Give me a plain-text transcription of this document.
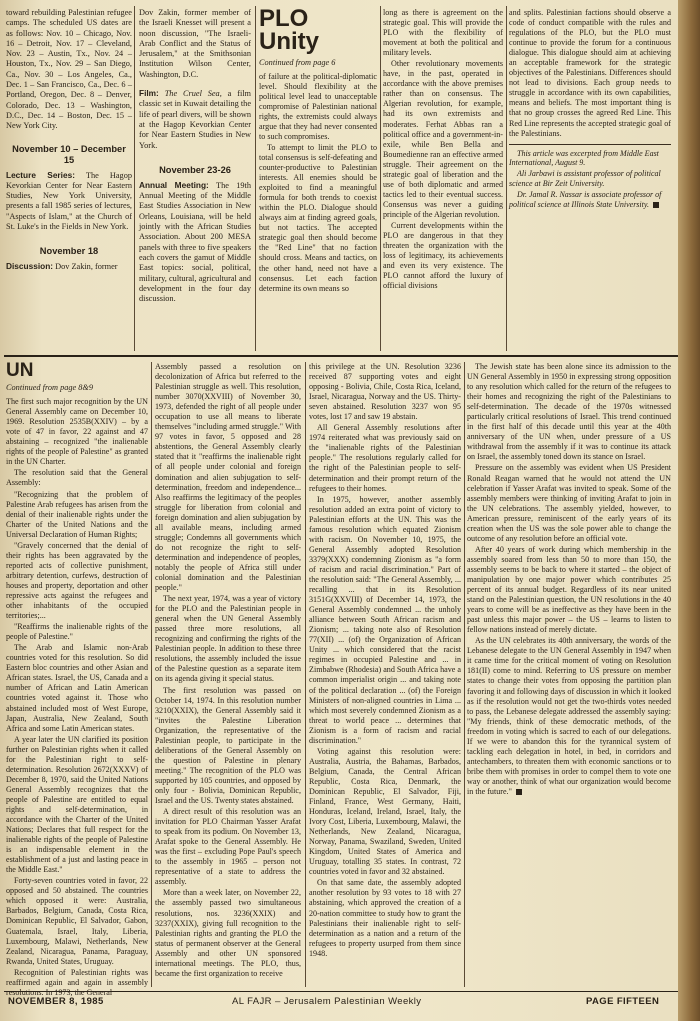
toward rebuilding Palestinian refugee camps. The scheduled US dates are as follows: Nov. 10 – Chicago, Nov. 16 – Detroit, Nov. 17 – Cleveland, Nov. 23 – Austin, Tx., Nov. 24 – Houston, Tx., Nov. 29 – San Diego, Ca., Nov. 30 – Los Angeles, Ca., Dec. 1 – San Francisco, Ca., Dec. 6 – Portland, Oregon, Dec. 8 – Denver, Colorado, Dec. 13 – Washington, D.C., Dec. 14 – Boston, Dec. 15 – New York City.
November 10 – December 15
Lecture Series: The Hagop Kevorkian Center for Near Eastern Studies, New York University, presents a fall 1985 series of lectures, "Aspects of Islam," at the Church of St. Luke's in the Fields in New York.
November 18
Discussion: Dov Zakin, former
Dov Zakin, former member of the Israeli Knesset will present a noon discussion, "The Israeli-Arab Conflict and the Status of Jerusalem," at the Smithsonian Institution Wilson Center, Washington, D.C.
Film: The Cruel Sea, a film classic set in Kuwait detailing the life of pearl divers, will be shown at the Hagop Kevorkian Center for Near Eastern Studies in New York.
November 23-26
Annual Meeting: The 19th Annual Meeting of the Middle East Studies Association in New Orleans, Louisiana, will be held jointly with the African Studies Association. About 200 MESA panels with three to five speakers each covers the gamut of Middle East topics: social, political, military, cultural, agricultural and development in the four day discussion.
PLO Unity

Continued from page 6

of failure at the political-diplomatic level. Should flexibility at the political level lead to unacceptable compromise of Palestinian national rights, the extremists could always argue that they had never consented to such compromises.

To attempt to limit the PLO to total consensus is self-defeating and counter-productive to Palestinian interests. All enemies should be exploited to find a meaningful formula for both trends to coexist within the PLO. Dialogue should always aim at finding agreed goals, but not tactics. The accepted strategic goal then should become the "Red Line" that no faction should cross. Means and tactics, on the other hand, need not have a consensus. Let each faction determine its own means so

long as there is agreement on the strategic goal. This will provide the PLO with the flexibility of movement at both the political and military levels.

Other revolutionary movements have, in the past, operated in accordance with the above premises rather than on consensus. The Algerian revolution, for example, had its own extremists and moderates. Ferhat Abbas ran a political office and a government-in-exile, while Ben Bella and Boumedienne ran an effective armed struggle. Their agreement on the strategic goal of liberation and the use of both diplomatic and armed tactics led to their eventual success. Consensus was never a guiding principle of the Algerian revolution.

Current developments within the PLO are dangerous in that they threaten the organization with the loss of legitimacy, its achievements and even its very existence. The PLO cannot afford the luxury of official divisions

and splits. Palestinian factions should observe a code of conduct compatible with the rules and regulations of the PLO, but the PLO must continue to provide the forum for a continuous dialogue. This dialogue should aim at achieving an acceptable framework for the strategic objectives of the Palestinians. Differences should not lead to divisions. Each group needs to struggle in accordance with its own capabilities, means and beliefs. The most important thing is that no group crosses the agreed Red Line. This Red Line represents the accepted strategic goal of the Palestinians.

This article was excerpted from Middle East International, August 9.

Ali Jarbawi is assistant professor of political science at Bir Zeit University.

Dr. Jamal R. Nassar is associate professor of political science at Illinois State University.

UN

Continued from page 8&9

The first such major recognition by the UN General Assembly came on December 10, 1969. Resolution 2535B(XXIV) – by a vote of 47 in favor, 22 against and 47 abstaining – recognized "the inalienable rights of the people of Palestine" as granted in the UN Charter.

The resolution said that the General Assembly:

"Recognizing that the problem of Palestine Arab refugees has arisen from the denial of their inalienable rights under the Charter of the United Nations and the Universal Declaration of Human Rights;

"Gravely concerned that the denial of their rights has been aggravated by the reported acts of collective punishment, arbitrary detention, curfews, destruction of houses and property, deportation and other repressive acts against the refugees and other inhabitants of the occupied territories;...

"Reaffirms the inalienable rights of the people of Palestine."

The Arab and Islamic non-Arab countries voted for this resolution. So did Eastern bloc countries and other Asian and African states. Israel, the US, Canada and a number of African and Latin American countries voted against it. Those who abstained included most of West Europe, Japan, Australia, New Zealand, South Africa and some Latin American states.

A year later the UN clarified its position further on Palestinian rights when it called for the Palestinian right to self-determination. Resolution 2672(XXXV) of December 8, 1970, said the United Nations General Assembly recognizes that the people of Palestine are entitled to equal rights and self-determination, in accordance with the Charter of the United Nations; Declares that full respect for the inalienable rights of the people of Palestine is an indispensable element in the establishment of a just and lasting peace in the Middle East."

Forty-seven countries voted in favor, 22 opposed and 50 abstained. The countries which opposed it were: Australia, Barbados, Belgium, Canada, Costa Rica, Dominican Republic, El Salvador, Gabon, Guatemala, Israel, Italy, Liberia, Luxembourg, Malawi, Netherlands, New Zealand, Nicaragua, Panama, Paraguay, Rwanda, United States, Uruguay.

Recognition of Palestinian rights was reaffirmed again and again in assembly resolutions. In 1973, the General

Assembly passed a resolution on decolonization of Africa but referred to the Palestinian struggle as well. This resolution, number 3070(XXVIII) of November 30, 1973, defended the right of all people under occupation to use all means to liberate themselves "including armed struggle." With 97 votes in favor, 5 opposed and 28 abstentions, the General Assembly clearly stated that it "reaffirms the inalienable right of all people under colonial and foreign domination and alien subjugation to self-determination, freedom and independence... Also reaffirms the legitimacy of the peoples struggle for liberation from colonial and foreign domination and alien subjugation by all available means, including armed struggle; Condemns all governments which do not recognize the right to self-determination and independence of peoples, notably the people of Africa still under colonial domination and the Palestinian people."

The next year, 1974, was a year of victory for the PLO and the Palestinian people in general when the UN General Assembly passed three more resolutions, all recognizing and confirming the rights of the Palestinian people. In addition to these three resolutions, the assembly included the issue of the Palestine question as a separate item on its agenda giving it special status.

The first resolution was passed on October 14, 1974. In this resolution number 3210(XXIX), the General Assembly said it "invites the Palestine Liberation Organization, the representative of the Palestinian people, to participate in the deliberations of the General Assembly on the question of Palestine in plenary meeting." The recognition of the PLO was supported by 105 countries, and opposed by only four - Bolivia, Dominican Republic, Israel and the US. Twenty states abstained.

A direct result of this resolution was an invitation for PLO Chairman Yasser Arafat to speak from its podium. On November 13, Arafat spoke to the General Assembly. He was the first – excluding Pope Paul's speech to the assembly in 1965 – person not representative of a state to address the assembly.

More than a week later, on November 22, the assembly passed two simultaneous resolutions, nos. 3236(XXIX) and 3237(XXIX), giving full recognition to the Palestinian rights and granting the PLO the status of permanent observer at the General Assembly and other UN sponsored international meetings. The PLO, thus, became the first organization to receive

this privilege at the UN. Resolution 3236 received 87 supporting votes and eight opposing - Bolivia, Chile, Costa Rica, Iceland, Israel, Nicaragua, Norway and the US. Thirty-seven abstained. Resolution 3237 won 95 votes, lost 17 and saw 19 abstain.

All General Assembly resolutions after 1974 reiterated what was previously said on the "inalienable rights of the Palestinian people." The resolutions regularly called for the right of the Palestinian people to self-determination and their prompt return of the refugees to their homes.

In 1975, however, another assembly resolution added an extra point of victory to Palestinian efforts at the UN. This was the famous resolution which equated Zionism with racism. On November 10, 1975, the General Assembly adopted Resolution 3379(XXX) condemning Zionism as "a form of racism and racial discrimination." Part of the resolution said: "The General Assembly, ... recalling ... that in its Resolution 3151G(XXVIII) of December 14, 1973, the General Assembly condemned ... the unholy alliance between South African racism and Zionism; ... taking note also of Resolution 77(XII) ... (of) the Organization of African Unity ... which considered that the racist regimes in occupied Palestine and ... in Zimbabwe (Rhodesia) and South Africa have a common imperialist origin ... and taking note of the political declaration ... (of) the Foreign Ministers of non-aligned countries in Lima ... which most severely condemned Zionism as a threat to world peace ... determines that Zionism is a form of racism and racial discrimination."

Voting against this resolution were: Australia, Austria, the Bahamas, Barbados, Belgium, Canada, the Central African Republic, Costa Rica, Denmark, the Dominican Republic, El Salvador, Fiji, Finland, France, West Germany, Haiti, Honduras, Iceland, Ireland, Israel, Italy, the Ivory Cost, Liberia, Luxembourg, Malawi, the Netherlands, New Zealand, Nicaragua, Norway, Panama, Swaziland, Sweden, United Kingdom, United States of America and Uruguay, totalling 35 states. In contrast, 72 countries voted in favor and 32 abstained.

On that same date, the assembly adopted another resolution by 93 votes to 18 with 27 abstaining, which approved the creation of a 20-nation committee to study how to grant the Palestinians their inalienable right to self-determination as a nation and a return of the refugees to property usurped from them since 1948.

The Jewish state has been alone since its admission to the UN General Assembly in 1950 in expressing strong opposition to any resolution which called for the return of the refugees to their homes and recognizing the right of the Palestinians to self-determination. The decade of the 1970s witnessed particularly critical resolutions of Israel. This trend continued in the first half of this decade until this year at the 40th anniversary of the UN when, under pressure of a US withdrawal from the assembly if it was to continue its attack on Israel, the assembly toned down its stance on Israel.

Pressure on the assembly was evident when US President Ronald Reagan warned that he would not attend the UN celebration if Yasser Arafat was invited to speak. Some of the assembly members were thinking of inviting Arafat to join in the UN celebrations. The assembly yielded, however, to American pressure, reminiscent of the early years of its creation when the US was the sole power able to change the outcome of any resolution before an official vote.

After 40 years of work during which membership in the assembly soared from less than 50 to more than 150, the assembly seems to be back to where it started – the object of manipulation by one major power which contributes 25 percent of its annual budget. Regardless of its near united stand on the Palestinian question, the UN resolutions in the 40 years to come will be as ineffective as they have been in the past unless this major power – the US – learns to listen to fellow nations instead of merely dictate.

As the UN celebrates its 40th anniversary, the words of the Lebanese delegate to the UN General Assembly in 1947 when it came time for the critical moment of voting on Resolution 181(II) come to mind. Referring to US pressure on member states to change their votes from opposing the partition plan favoring it and following days of discussion in which it looked as if the resolution would not get the two-thirds votes needed to pass, the Lebanese delegate addressed the assembly saying: "My friends, think of these democratic methods, of the freedom in voting which is sacred to each of our delegations. If we were to abandon this for the tyrannical system of tackling each delegation in hotel, in bed, in corridors and antechambers, to threaten them with economic sanctions or to bribe them with promises in order to compel them to vote one way or another, think of what our organization would become in the future."

NOVEMBER 8, 1985	AL FAJR – Jerusalem Palestinian Weekly	PAGE FIFTEEN
